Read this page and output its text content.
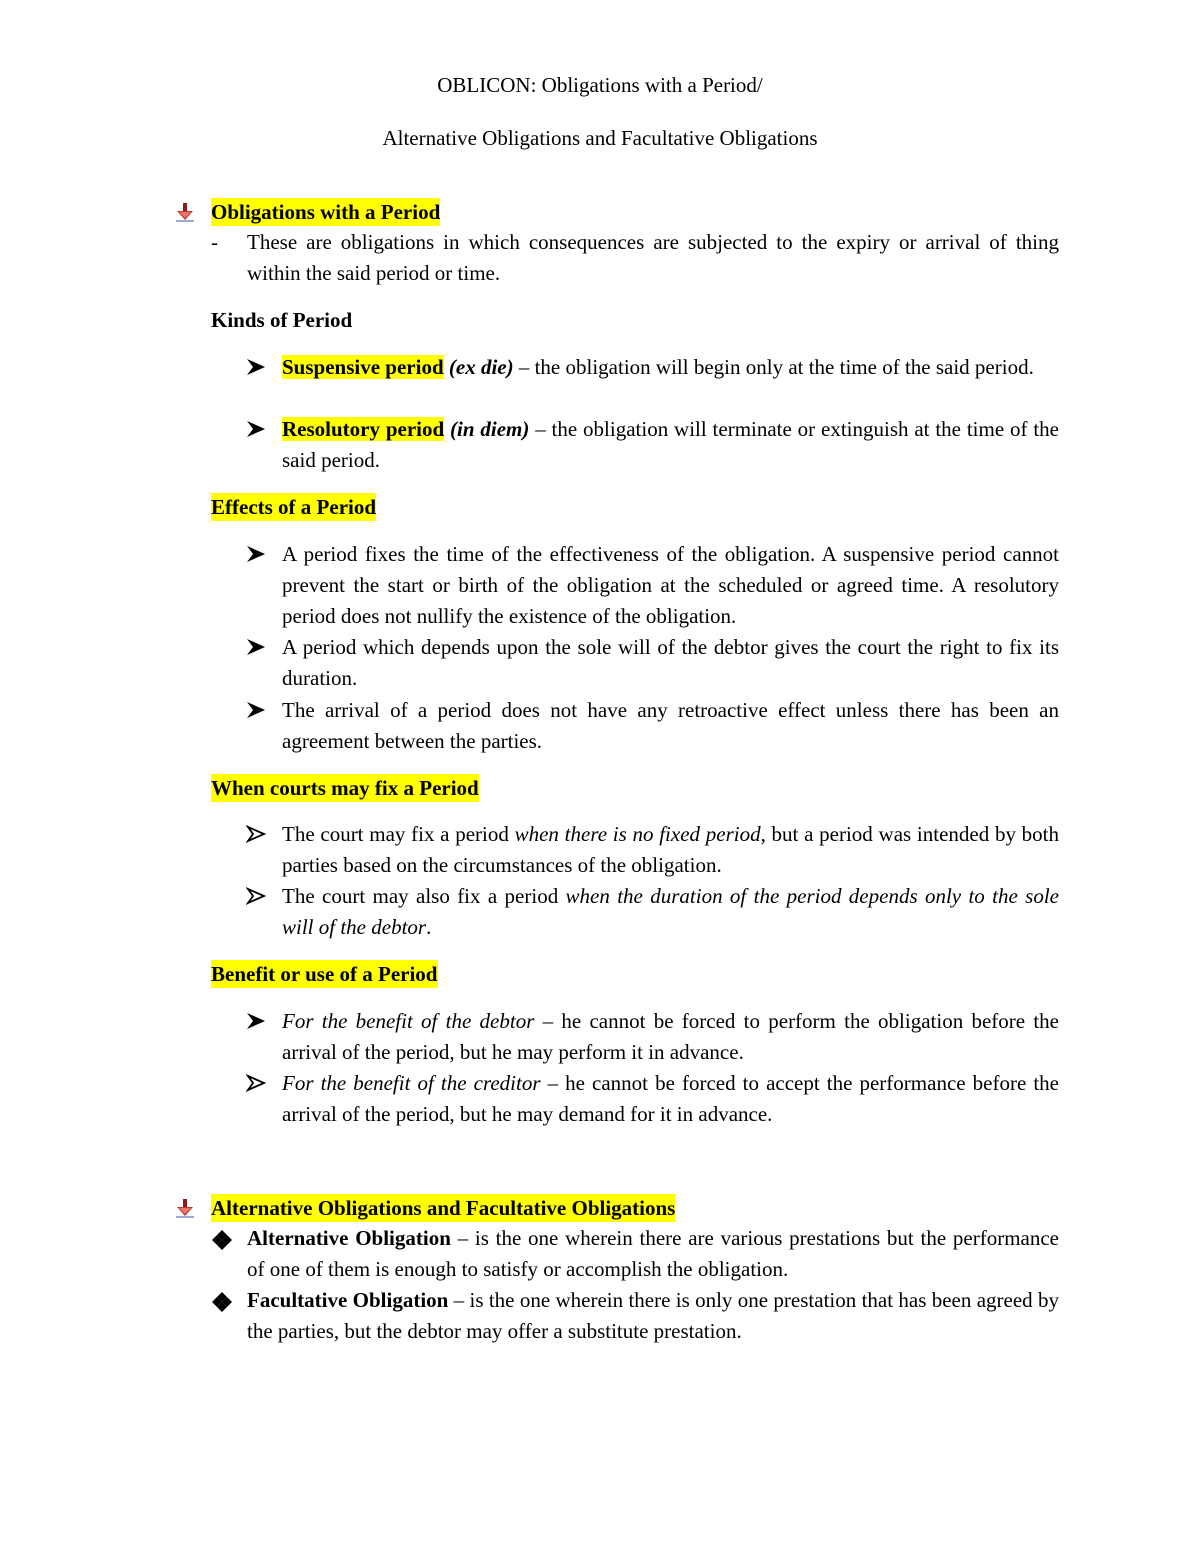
OBLICON: Obligations with a Period/
Alternative Obligations and Facultative Obligations
Obligations with a Period
- These are obligations in which consequences are subjected to the expiry or arrival of thing within the said period or time.
Kinds of Period
Suspensive period (ex die) – the obligation will begin only at the time of the said period.
Resolutory period (in diem) – the obligation will terminate or extinguish at the time of the said period.
Effects of a Period
A period fixes the time of the effectiveness of the obligation. A suspensive period cannot prevent the start or birth of the obligation at the scheduled or agreed time. A resolutory period does not nullify the existence of the obligation.
A period which depends upon the sole will of the debtor gives the court the right to fix its duration.
The arrival of a period does not have any retroactive effect unless there has been an agreement between the parties.
When courts may fix a Period
The court may fix a period when there is no fixed period, but a period was intended by both parties based on the circumstances of the obligation.
The court may also fix a period when the duration of the period depends only to the sole will of the debtor.
Benefit or use of a Period
For the benefit of the debtor – he cannot be forced to perform the obligation before the arrival of the period, but he may perform it in advance.
For the benefit of the creditor – he cannot be forced to accept the performance before the arrival of the period, but he may demand for it in advance.
Alternative Obligations and Facultative Obligations
Alternative Obligation – is the one wherein there are various prestations but the performance of one of them is enough to satisfy or accomplish the obligation.
Facultative Obligation – is the one wherein there is only one prestation that has been agreed by the parties, but the debtor may offer a substitute prestation.
